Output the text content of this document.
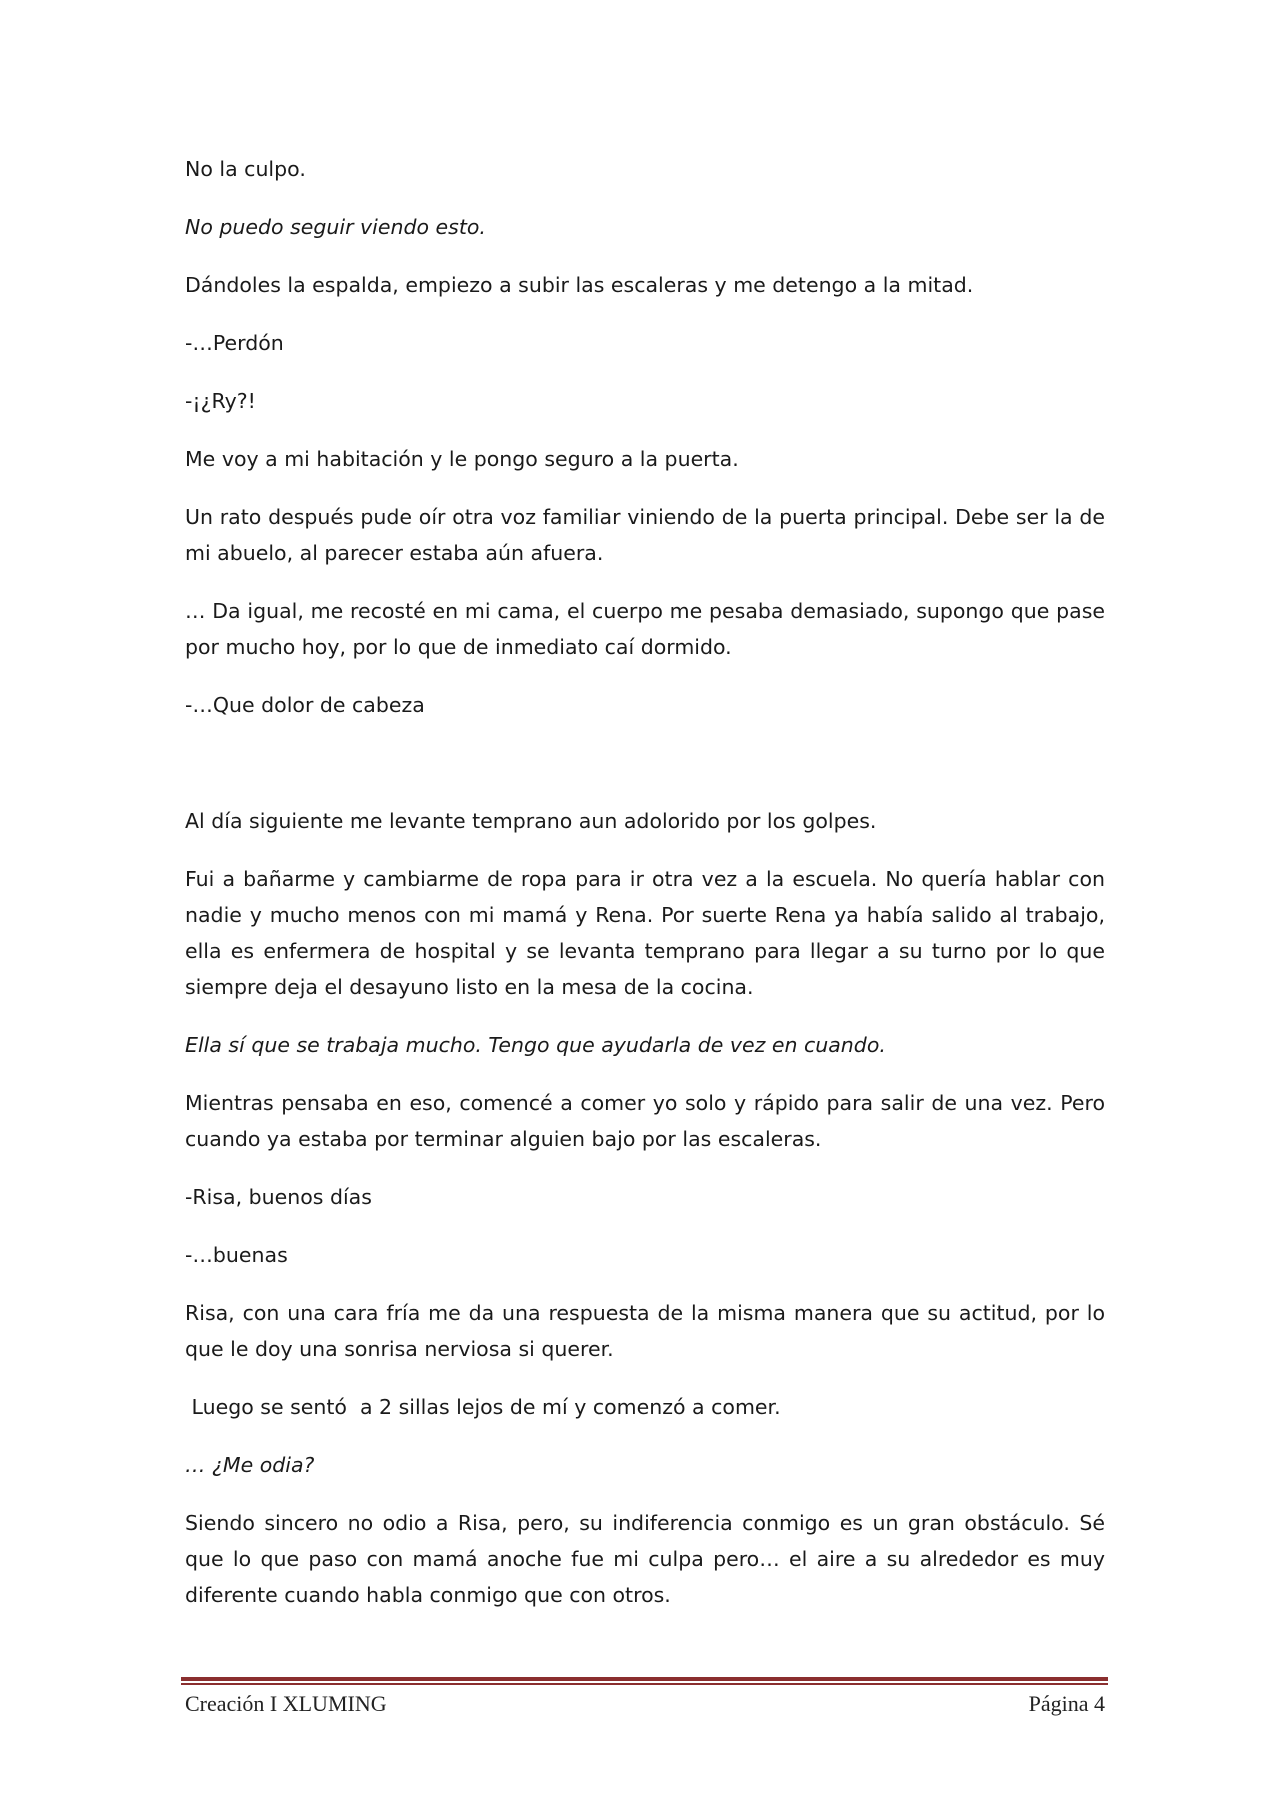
No la culpo.

No puedo seguir viendo esto.

Dándoles la espalda, empiezo a subir las escaleras y me detengo a la mitad.

-…Perdón

-¡¿Ry?!

Me voy a mi habitación y le pongo seguro a la puerta.

Un rato después pude oír otra voz familiar viniendo de la puerta principal. Debe ser la de mi abuelo, al parecer estaba aún afuera.

… Da igual, me recosté en mi cama, el cuerpo me pesaba demasiado, supongo que pase por mucho hoy, por lo que de inmediato caí dormido.

-…Que dolor de cabeza

Al día siguiente me levante temprano aun adolorido por los golpes.

Fui a bañarme y cambiarme de ropa para ir otra vez a la escuela. No quería hablar con nadie y mucho menos con mi mamá y Rena. Por suerte Rena ya había salido al trabajo, ella es enfermera de hospital y se levanta temprano para llegar a su turno por lo que siempre deja el desayuno listo en la mesa de la cocina.

Ella sí que se trabaja mucho. Tengo que ayudarla de vez en cuando.

Mientras pensaba en eso, comencé a comer yo solo y rápido para salir de una vez. Pero cuando ya estaba por terminar alguien bajo por las escaleras.

-Risa, buenos días

-…buenas

Risa, con una cara fría me da una respuesta de la misma manera que su actitud, por lo que le doy una sonrisa nerviosa si querer.

Luego se sentó  a 2 sillas lejos de mí y comenzó a comer.

… ¿Me odia?

Siendo sincero no odio a Risa, pero, su indiferencia conmigo es un gran obstáculo. Sé que lo que paso con mamá anoche fue mi culpa pero… el aire a su alrededor es muy diferente cuando habla conmigo que con otros.

Creación I XLUMING	Página 4
